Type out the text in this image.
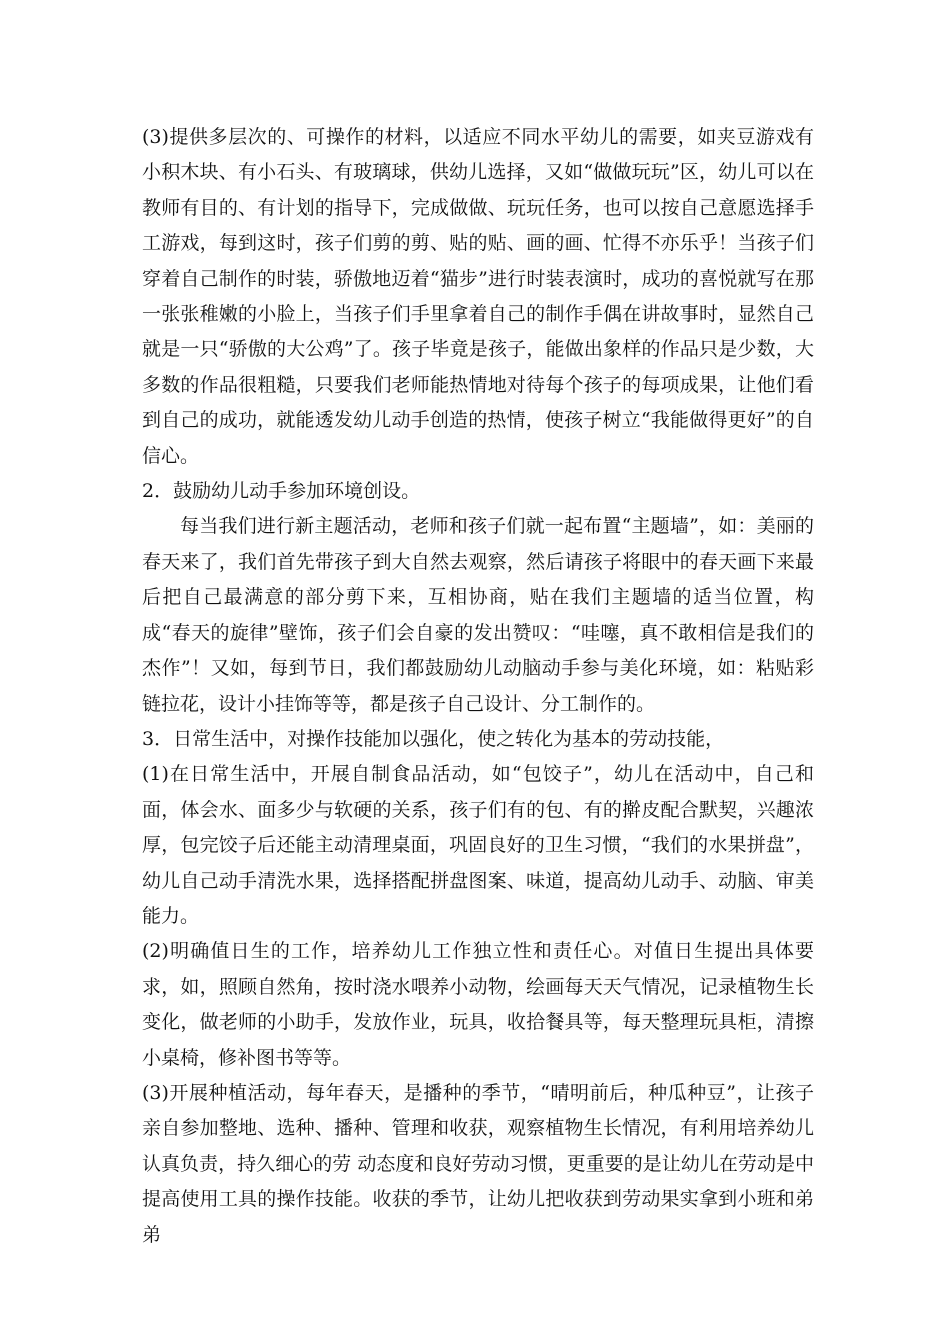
(3)提供多层次的、可操作的材料，以适应不同水平幼儿的需要，如夹豆游戏有小积木块、有小石头、有玻璃球，供幼儿选择，又如“做做玩玩”区，幼儿可以在教师有目的、有计划的指导下，完成做做、玩玩任务，也可以按自己意愿选择手工游戏，每到这时，孩子们剪的剪、贴的贴、画的画、忙得不亦乐乎！当孩子们穿着自己制作的时装，骄傲地迈着“猫步”进行时装表演时，成功的喜悦就写在那一张张稚嫩的小脸上，当孩子们手里拿着自己的制作手偶在讲故事时，显然自己就是一只“骄傲的大公鸡”了。孩子毕竟是孩子，能做出象样的作品只是少数，大多数的作品很粗糙，只要我们老师能热情地对待每个孩子的每项成果，让他们看到自己的成功，就能透发幼儿动手创造的热情，使孩子树立“我能做得更好”的自信心。

2．鼓励幼儿动手参加环境创设。

每当我们进行新主题活动，老师和孩子们就一起布置“主题墙”，如：美丽的春天来了，我们首先带孩子到大自然去观察，然后请孩子将眼中的春天画下来最后把自己最满意的部分剪下来，互相协商，贴在我们主题墙的适当位置，构成“春天的旋律”壁饰，孩子们会自豪的发出赞叹：“哇噻，真不敢相信是我们的杰作”！又如，每到节日，我们都鼓励幼儿动脑动手参与美化环境，如：粘贴彩链拉花，设计小挂饰等等，都是孩子自己设计、分工制作的。

3．日常生活中，对操作技能加以强化，使之转化为基本的劳动技能，

(1)在日常生活中，开展自制食品活动，如“包饺子”，幼儿在活动中，自己和面，体会水、面多少与软硬的关系，孩子们有的包、有的擀皮配合默契，兴趣浓厚，包完饺子后还能主动清理桌面，巩固良好的卫生习惯，“我们的水果拼盘”，幼儿自己动手清洗水果，选择搭配拼盘图案、味道，提高幼儿动手、动脑、审美能力。

(2)明确值日生的工作，培养幼儿工作独立性和责任心。对值日生提出具体要求，如，照顾自然角，按时浇水喂养小动物，绘画每天天气情况，记录植物生长变化，做老师的小助手，发放作业，玩具，收拾餐具等，每天整理玩具柜，清擦小桌椅，修补图书等等。

(3)开展种植活动，每年春天，是播种的季节，“晴明前后，种瓜种豆”，让孩子亲自参加整地、选种、播种、管理和收获，观察植物生长情况，有利用培养幼儿认真负责，持久细心的劳 动态度和良好劳动习惯，更重要的是让幼儿在劳动是中提高使用工具的操作技能。收获的季节，让幼儿把收获到劳动果实拿到小班和弟弟
